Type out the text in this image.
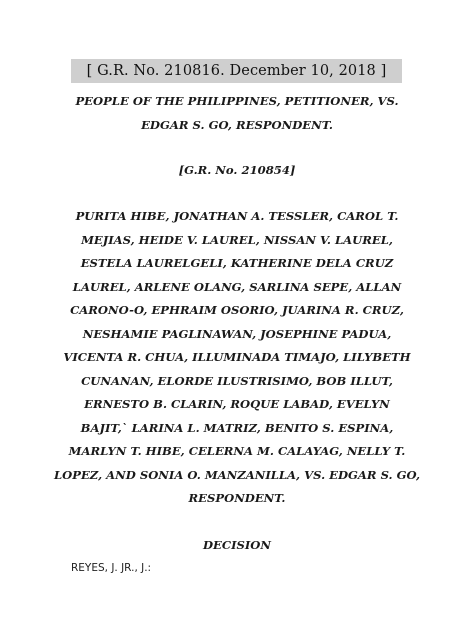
[ G.R. No. 210816. December 10, 2018 ]
PEOPLE OF THE PHILIPPINES, PETITIONER, VS.
EDGAR S. GO, RESPONDENT.
[G.R. No. 210854]
PURITA HIBE, JONATHAN A. TESSLER, CAROL T.
MEJIAS, HEIDE V. LAUREL, NISSAN V. LAUREL,
ESTELA LAURELGELI, KATHERINE DELA CRUZ
LAUREL, ARLENE OLANG, SARLINA SEPE, ALLAN
CARONO-O, EPHRAIM OSORIO, JUARINA R. CRUZ,
NESHAMIE PAGLINAWAN, JOSEPHINE PADUA,
VICENTA R. CHUA, ILLUMINADA TIMAJO, LILYBETH
CUNANAN, ELORDE ILUSTRISIMO, BOB ILLUT,
ERNESTO B. CLARIN, ROQUE LABAD, EVELYN
BAJIT,` LARINA L. MATRIZ, BENITO S. ESPINA,
MARLYN T. HIBE, CELERNA M. CALAYAG, NELLY T.
LOPEZ, AND SONIA O. MANZANILLA, VS. EDGAR S. GO,
RESPONDENT.
DECISION
REYES, J. JR., J.:
